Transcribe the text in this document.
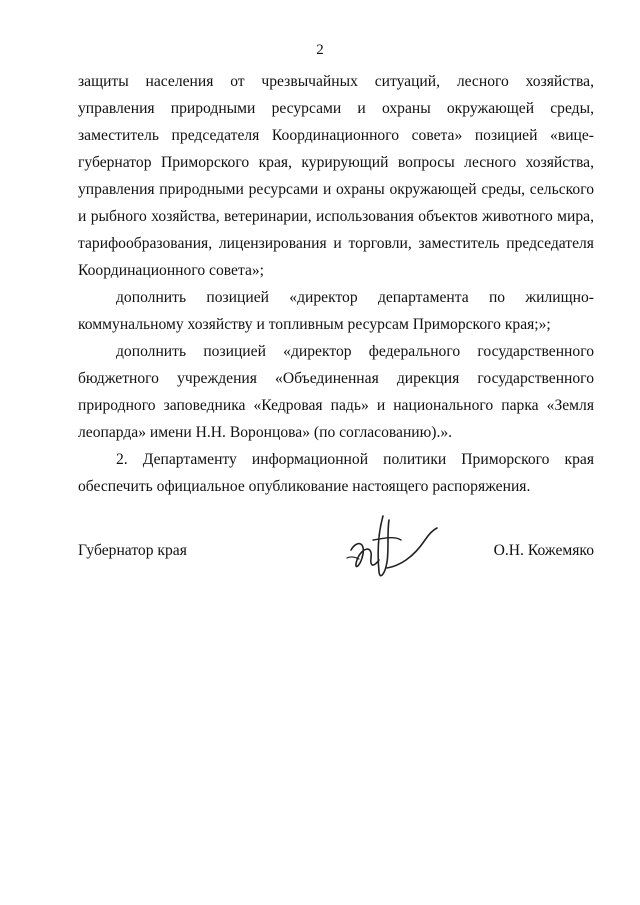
2

защиты населения от чрезвычайных ситуаций, лесного хозяйства, управления природными ресурсами и охраны окружающей среды, заместитель председателя Координационного совета» позицией «вице-губернатор Приморского края, курирующий вопросы лесного хозяйства, управления природными ресурсами и охраны окружающей среды, сельского и рыбного хозяйства, ветеринарии, использования объектов животного мира, тарифообразования, лицензирования и торговли, заместитель председателя Координационного совета»;

дополнить позицией «директор департамента по жилищно-коммунальному хозяйству и топливным ресурсам Приморского края;»;

дополнить позицией «директор федерального государственного бюджетного учреждения «Объединенная дирекция государственного природного заповедника «Кедровая падь» и национального парка «Земля леопарда» имени Н.Н. Воронцова» (по согласованию).».

2. Департаменту информационной политики Приморского края обеспечить официальное опубликование настоящего распоряжения.

Губернатор края	О.Н. Кожемяко
